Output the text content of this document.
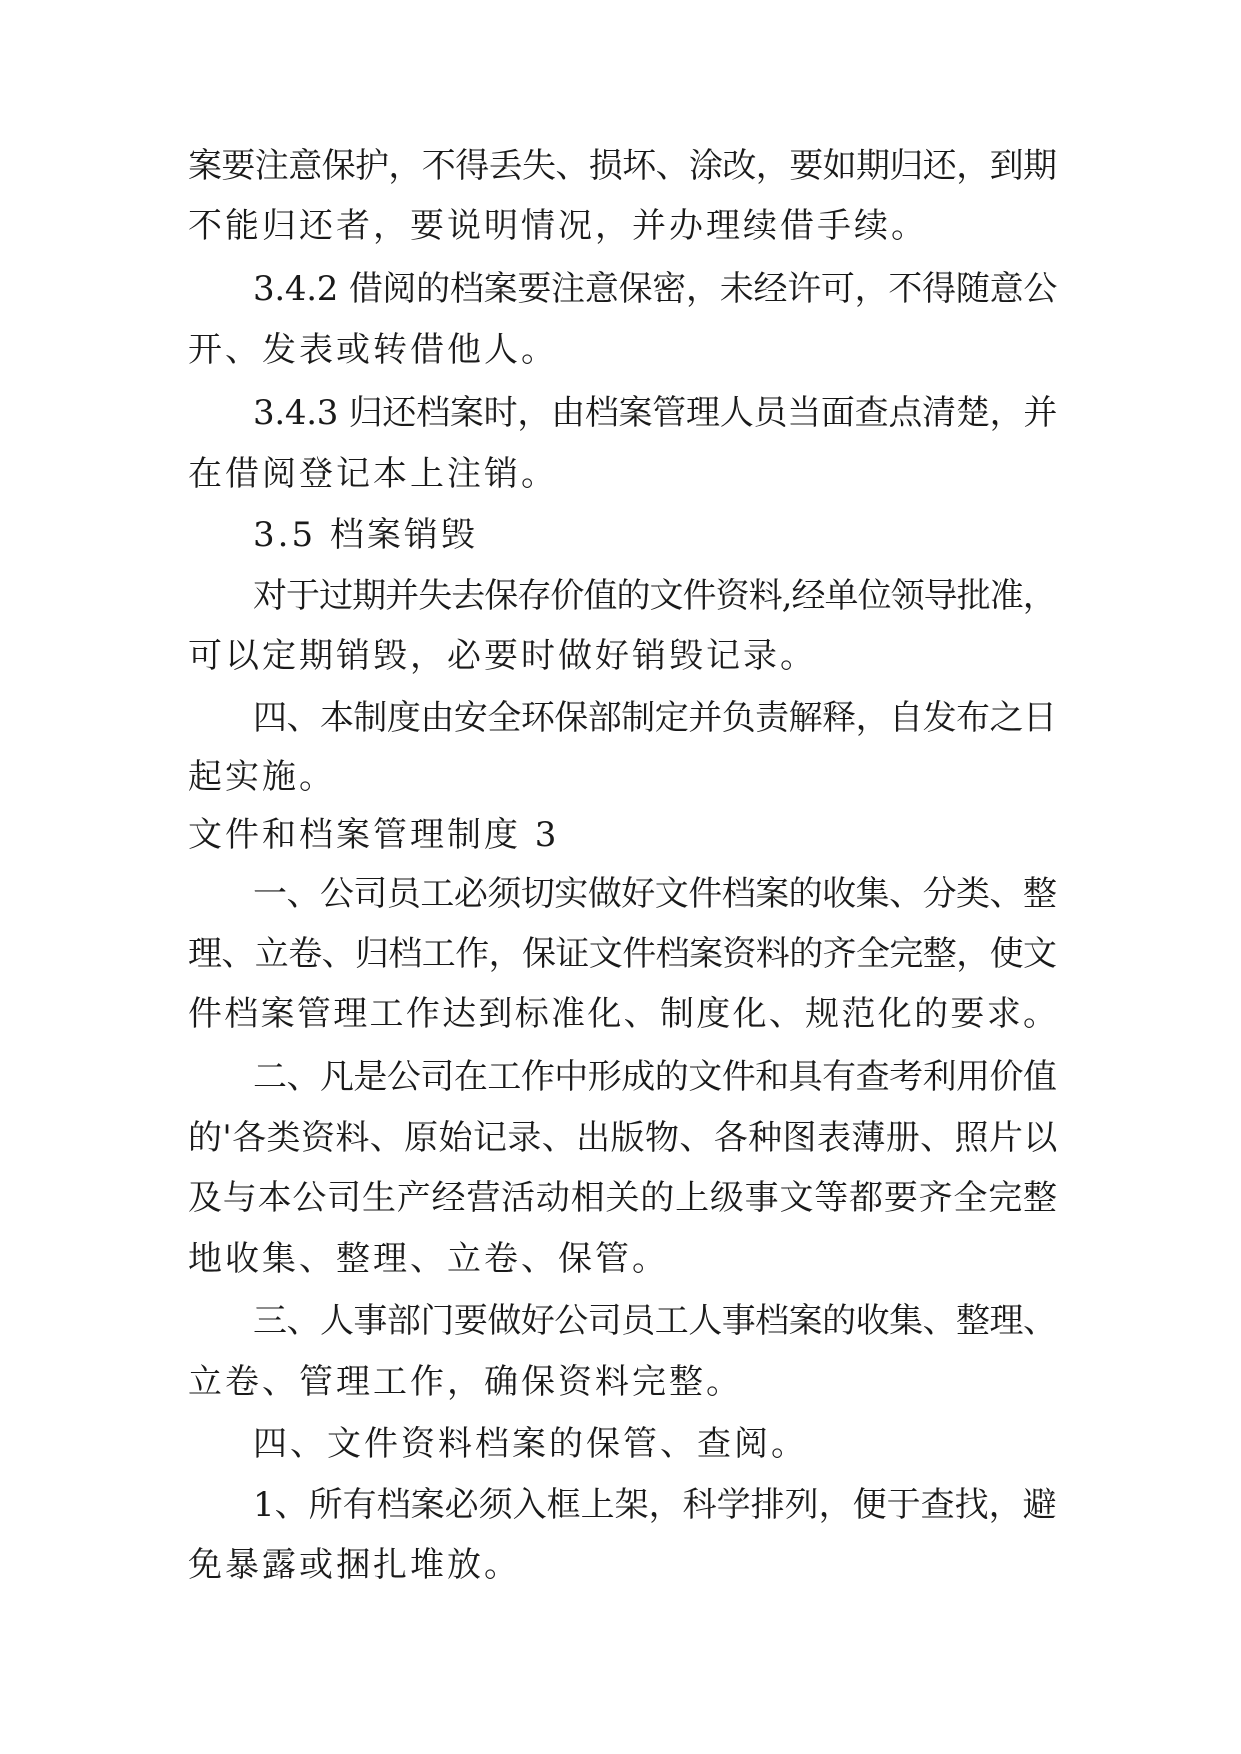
案要注意保护，不得丢失、损坏、涂改，要如期归还，到期
不能归还者，要说明情况，并办理续借手续。
3.4.2 借阅的档案要注意保密，未经许可，不得随意公
开、发表或转借他人。
3.4.3 归还档案时，由档案管理人员当面查点清楚，并
在借阅登记本上注销。
3.5 档案销毁
对于过期并失去保存价值的文件资料,经单位领导批准，
可以定期销毁，必要时做好销毁记录。
四、本制度由安全环保部制定并负责解释，自发布之日
起实施。
文件和档案管理制度 3
一、公司员工必须切实做好文件档案的收集、分类、整
理、立卷、归档工作，保证文件档案资料的齐全完整，使文
件档案管理工作达到标准化、制度化、规范化的要求。
二、凡是公司在工作中形成的文件和具有查考利用价值
的'各类资料、原始记录、出版物、各种图表薄册、照片以
及与本公司生产经营活动相关的上级事文等都要齐全完整
地收集、整理、立卷、保管。
三、人事部门要做好公司员工人事档案的收集、整理、
立卷、管理工作，确保资料完整。
四、文件资料档案的保管、查阅。
1、所有档案必须入框上架，科学排列，便于查找，避
免暴露或捆扎堆放。
